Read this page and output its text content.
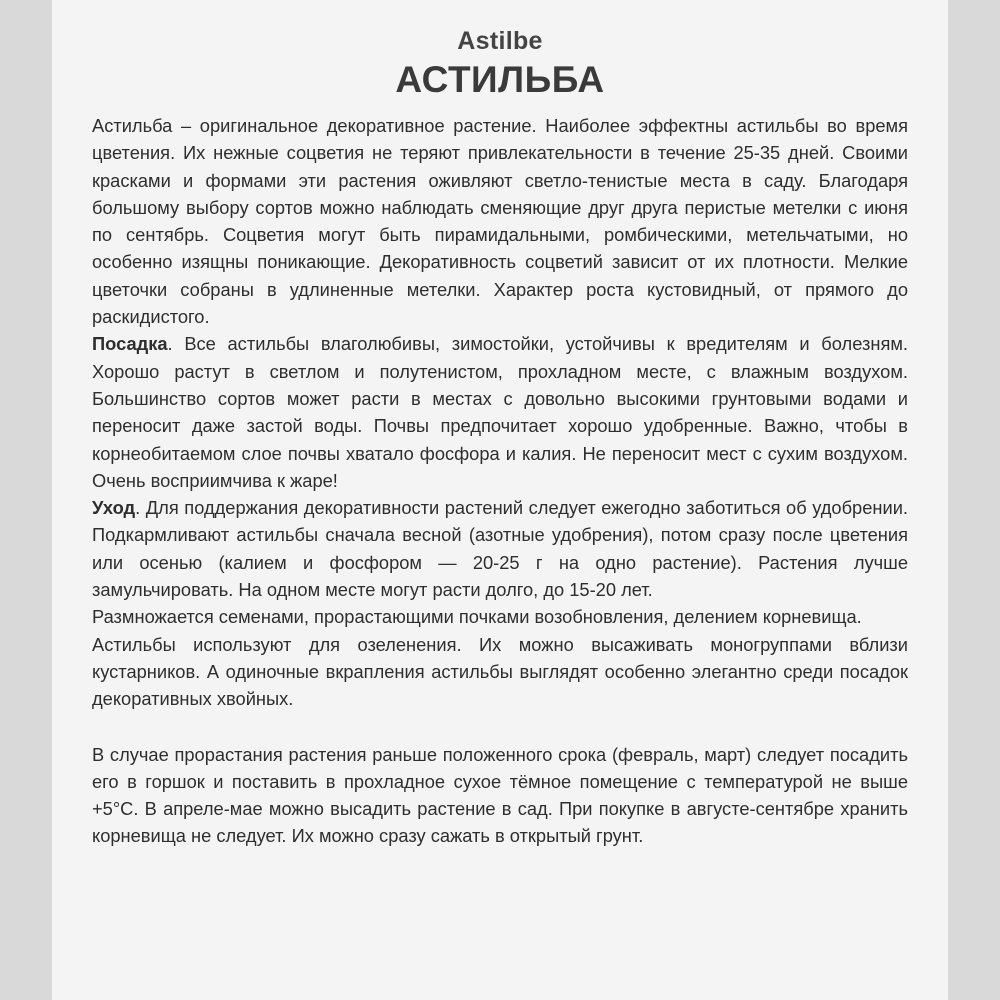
Astilbe
АСТИЛЬБА

Астильба – оригинальное декоративное растение. Наиболее эффектны астильбы во время цветения. Их нежные соцветия не теряют привлекательности в течение 25-35 дней. Своими красками и формами эти растения оживляют светло-тенистые места в саду. Благодаря большому выбору сортов можно наблюдать сменяющие друг друга перистые метелки с июня по сентябрь. Соцветия могут быть пирамидальными, ромбическими, метельчатыми, но особенно изящны поникающие. Декоративность соцветий зависит от их плотности. Мелкие цветочки собраны в удлиненные метелки. Характер роста кустовидный, от прямого до раскидистого.

Посадка. Все астильбы влаголюбивы, зимостойки, устойчивы к вредителям и болезням. Хорошо растут в светлом и полутенистом, прохладном месте, с влажным воздухом. Большинство сортов может расти в местах с довольно высокими грунтовыми водами и переносит даже застой воды. Почвы предпочитает хорошо удобренные. Важно, чтобы в корнеобитаемом слое почвы хватало фосфора и калия. Не переносит мест с сухим воздухом. Очень восприимчива к жаре!

Уход. Для поддержания декоративности растений следует ежегодно заботиться об удобрении. Подкармливают астильбы сначала весной (азотные удобрения), потом сразу после цветения или осенью (калием и фосфором — 20-25 г на одно растение). Растения лучше замульчировать. На одном месте могут расти долго, до 15-20 лет.

Размножается семенами, прорастающими почками возобновления, делением корневища.

Астильбы используют для озеленения. Их можно высаживать моногруппами вблизи кустарников. А одиночные вкрапления астильбы выглядят особенно элегантно среди посадок декоративных хвойных.

В случае прорастания растения раньше положенного срока (февраль, март) следует посадить его в горшок и поставить в прохладное сухое тёмное помещение с температурой не выше +5°С. В апреле-мае можно высадить растение в сад. При покупке в августе-сентябре хранить корневища не следует. Их можно сразу сажать в открытый грунт.
